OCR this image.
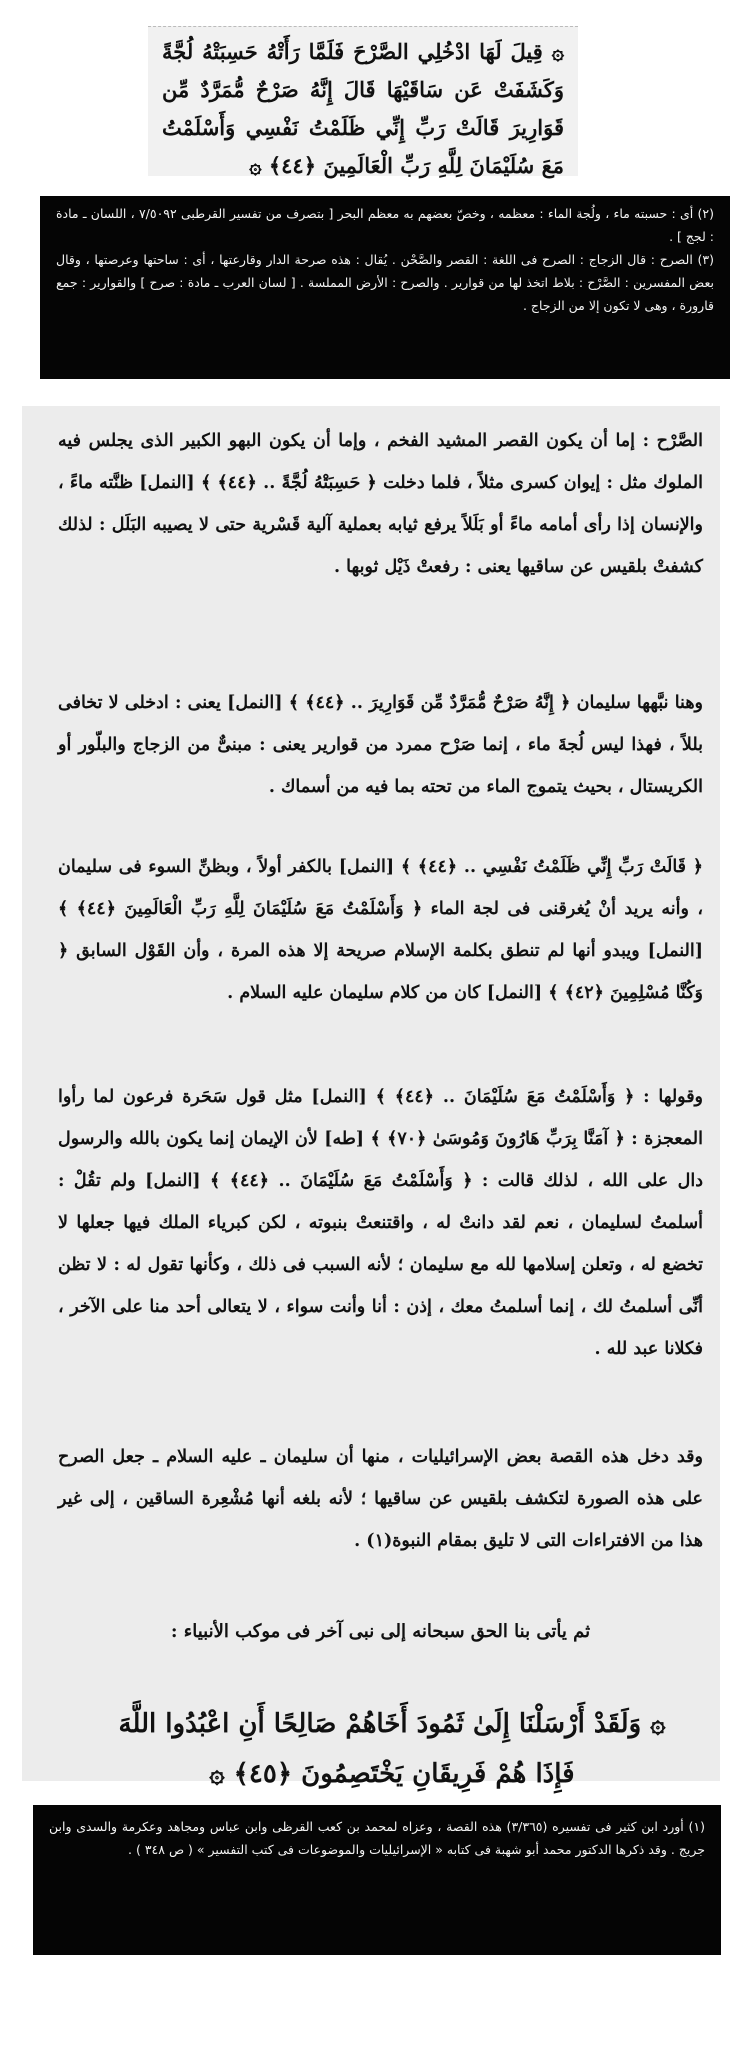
۞ قِيلَ لَهَا ادْخُلِي الصَّرْحَ فَلَمَّا رَأَتْهُ حَسِبَتْهُ لُجَّةً وَكَشَفَتْ عَن سَاقَيْهَا قَالَ إِنَّهُ صَرْحٌ مُّمَرَّدٌ مِّن قَوَارِيرَ قَالَتْ رَبِّ إِنِّي ظَلَمْتُ نَفْسِي وَأَسْلَمْتُ مَعَ سُلَيْمَانَ لِلَّهِ رَبِّ الْعَالَمِينَ ﴿٤٤﴾ ۞

(٢) أى : حسبته ماء ، ولُجة الماء : معظمه ، وخصّ بعضهم به معظم البحر [ بتصرف من تفسير القرطبى ٧/٥٠٩٢ ، اللسان ـ مادة : لجج ] .

(٣) الصرح : قال الزجاج : الصرح فى اللغة : القصر والصَّحْن . يُقال : هذه صرحة الدار وقارعتها ، أى : ساحتها وعرصتها ، وقال بعض المفسرين : الصَّرْح : بلاط اتخذ لها من قوارير . والصرح : الأرض المملسة . [ لسان العرب ـ مادة : صرح ] والقوارير : جمع قارورة ، وهى لا تكون إلا من الزجاج .

الصَّرْح : إما أن يكون القصر المشيد الفخم ، وإما أن يكون البهو الكبير الذى يجلس فيه الملوك مثل : إيوان كسرى مثلاً ، فلما دخلت ﴿ حَسِبَتْهُ لُجَّةً .. ﴿٤٤﴾ ﴾ [النمل] ظنَّته ماءً ، والإنسان إذا رأى أمامه ماءً أو بَلَلاً يرفع ثيابه بعملية آلية قَسْرية حتى لا يصيبه البَلَل : لذلك كشفتْ بلقيس عن ساقيها يعنى : رفعتْ ذَيْل ثوبها .

وهنا نبَّهها سليمان ﴿ إِنَّهُ صَرْحٌ مُّمَرَّدٌ مِّن قَوَارِيرَ .. ﴿٤٤﴾ ﴾ [النمل] يعنى : ادخلى لا تخافى بللاً ، فهذا ليس لُجةَ ماء ، إنما صَرْح ممرد من قوارير يعنى : مبنىٌّ من الزجاج والبلّور أو الكريستال ، بحيث يتموج الماء من تحته بما فيه من أسماك .

﴿ قَالَتْ رَبِّ إِنِّي ظَلَمْتُ نَفْسِي .. ﴿٤٤﴾ ﴾ [النمل] بالكفر أولاً ، وبظنِّ السوء فى سليمان ، وأنه يريد أنْ يُغرقنى فى لجة الماء ﴿ وَأَسْلَمْتُ مَعَ سُلَيْمَانَ لِلَّهِ رَبِّ الْعَالَمِينَ ﴿٤٤﴾ ﴾ [النمل] ويبدو أنها لم تنطق بكلمة الإسلام صريحة إلا هذه المرة ، وأن القَوْل السابق ﴿ وَكُنَّا مُسْلِمِينَ ﴿٤٢﴾ ﴾ [النمل] كان من كلام سليمان عليه السلام .

وقولها : ﴿ وَأَسْلَمْتُ مَعَ سُلَيْمَانَ .. ﴿٤٤﴾ ﴾ [النمل] مثل قول سَحَرة فرعون لما رأوا المعجزة : ﴿ آمَنَّا بِرَبِّ هَارُونَ وَمُوسَىٰ ﴿٧٠﴾ ﴾ [طه] لأن الإيمان إنما يكون بالله والرسول دال على الله ، لذلك قالت : ﴿ وَأَسْلَمْتُ مَعَ سُلَيْمَانَ .. ﴿٤٤﴾ ﴾ [النمل] ولم تقُلْ : أسلمتُ لسليمان ، نعم لقد دانتْ له ، واقتنعتْ بنبوته ، لكن كبرياء الملك فيها جعلها لا تخضع له ، وتعلن إسلامها لله مع سليمان ؛ لأنه السبب فى ذلك ، وكأنها تقول له : لا تظن أنِّى أسلمتُ لك ، إنما أسلمتُ معك ، إذن : أنا وأنت سواء ، لا يتعالى أحد منا على الآخر ، فكلانا عبد لله .

وقد دخل هذه القصة بعض الإسرائيليات ، منها أن سليمان ـ عليه السلام ـ جعل الصرح على هذه الصورة لتكشف بلقيس عن ساقيها ؛ لأنه بلغه أنها مُشْعِرة الساقين ، إلى غير هذا من الافتراءات التى لا تليق بمقام النبوة(١) .

ثم يأتى بنا الحق سبحانه إلى نبى آخر فى موكب الأنبياء :

۞ وَلَقَدْ أَرْسَلْنَا إِلَىٰ ثَمُودَ أَخَاهُمْ صَالِحًا أَنِ اعْبُدُوا اللَّهَ فَإِذَا هُمْ فَرِيقَانِ يَخْتَصِمُونَ ﴿٤٥﴾ ۞

(١) أورد ابن كثير فى تفسيره (٣/٣٦٥) هذه القصة ، وعزاه لمحمد بن كعب القرظى وابن عباس ومجاهد وعكرمة والسدى وابن جريج . وقد ذكرها الدكتور محمد أبو شهبة فى كتابه « الإسرائيليات والموضوعات فى كتب التفسير » ( ص ٣٤٨ ) .
